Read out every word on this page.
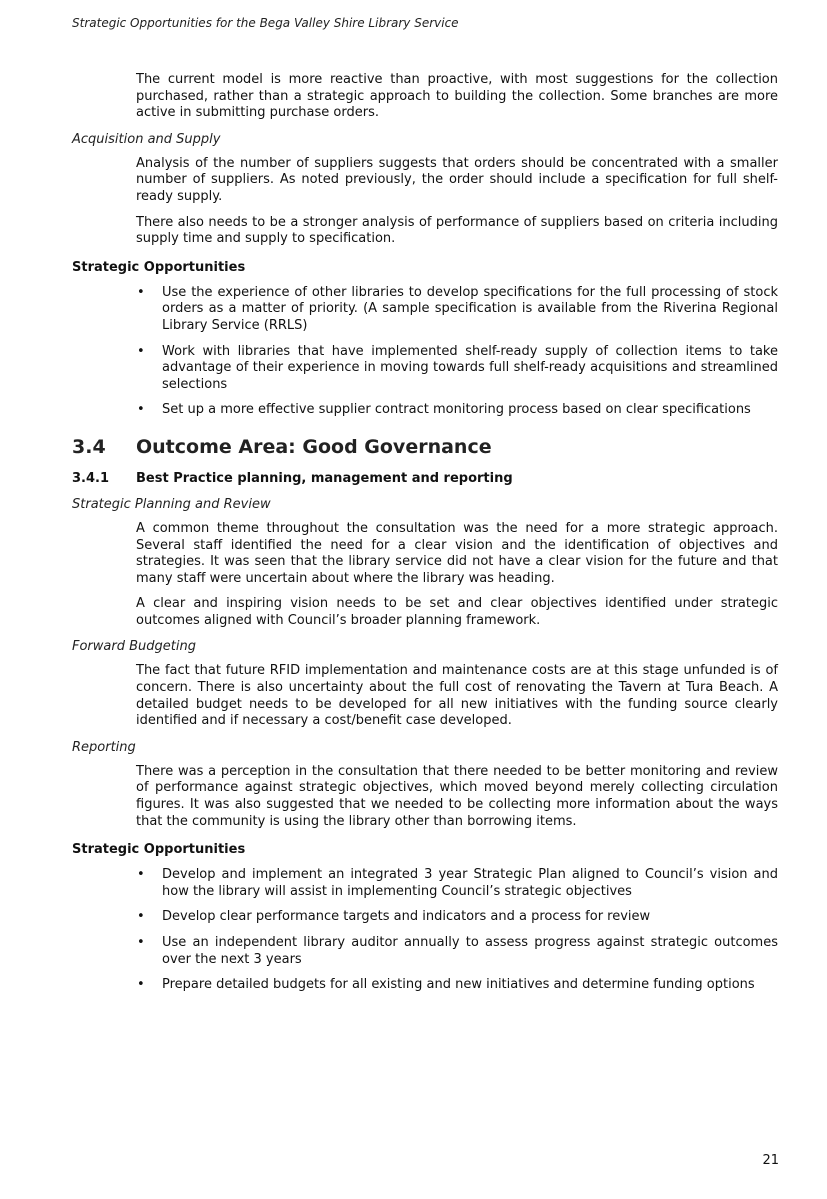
Strategic Opportunities for the Bega Valley Shire Library Service

The current model is more reactive than proactive, with most suggestions for the collection purchased, rather than a strategic approach to building the collection. Some branches are more active in submitting purchase orders.

Acquisition and Supply

Analysis of the number of suppliers suggests that orders should be concentrated with a smaller number of suppliers. As noted previously, the order should include a specification for full shelf-ready supply.

There also needs to be a stronger analysis of performance of suppliers based on criteria including supply time and supply to specification.

Strategic Opportunities
• Use the experience of other libraries to develop specifications for the full processing of stock orders as a matter of priority. (A sample specification is available from the Riverina Regional Library Service (RRLS)
• Work with libraries that have implemented shelf-ready supply of collection items to take advantage of their experience in moving towards full shelf-ready acquisitions and streamlined selections
• Set up a more effective supplier contract monitoring process based on clear specifications
3.4 Outcome Area: Good Governance
3.4.1 Best Practice planning, management and reporting
Strategic Planning and Review

A common theme throughout the consultation was the need for a more strategic approach. Several staff identified the need for a clear vision and the identification of objectives and strategies. It was seen that the library service did not have a clear vision for the future and that many staff were uncertain about where the library was heading.

A clear and inspiring vision needs to be set and clear objectives identified under strategic outcomes aligned with Council’s broader planning framework.

Forward Budgeting

The fact that future RFID implementation and maintenance costs are at this stage unfunded is of concern. There is also uncertainty about the full cost of renovating the Tavern at Tura Beach. A detailed budget needs to be developed for all new initiatives with the funding source clearly identified and if necessary a cost/benefit case developed.

Reporting

There was a perception in the consultation that there needed to be better monitoring and review of performance against strategic objectives, which moved beyond merely collecting circulation figures. It was also suggested that we needed to be collecting more information about the ways that the community is using the library other than borrowing items.

Strategic Opportunities
• Develop and implement an integrated 3 year Strategic Plan aligned to Council’s vision and how the library will assist in implementing Council’s strategic objectives
• Develop clear performance targets and indicators and a process for review
• Use an independent library auditor annually to assess progress against strategic outcomes over the next 3 years
• Prepare detailed budgets for all existing and new initiatives and determine funding options
21
